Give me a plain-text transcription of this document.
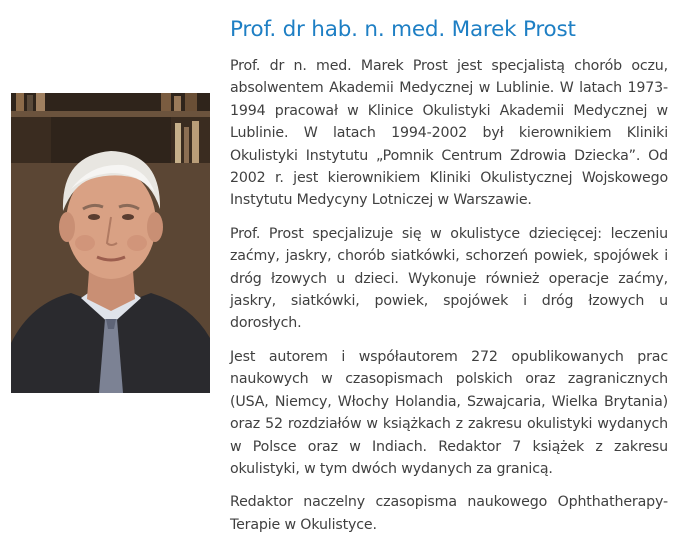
Prof. dr hab. n. med. Marek Prost

Prof. dr n. med. Marek Prost jest specjalistą chorób oczu, absolwentem Akademii Medycznej w Lublinie. W latach 1973-1994 pracował w Klinice Okulistyki Akademii Medycznej w Lublinie. W latach 1994-2002 był kierownikiem Kliniki Okulistyki Instytutu „Pomnik Centrum Zdrowia Dziecka”. Od 2002 r. jest kierownikiem Kliniki Okulistycznej Wojskowego Instytutu Medycyny Lotniczej w Warszawie.

Prof. Prost specjalizuje się w okulistyce dziecięcej: leczeniu zaćmy, jaskry, chorób siatkówki, schorzeń powiek, spojówek i dróg łzowych u dzieci. Wykonuje również operacje zaćmy, jaskry, siatkówki, powiek, spojówek i dróg łzowych u dorosłych.

Jest autorem i współautorem 272 opublikowanych prac naukowych w czasopismach polskich oraz zagranicznych (USA, Niemcy, Włochy Holandia, Szwajcaria, Wielka Brytania) oraz 52 rozdziałów w książkach z zakresu okulistyki wydanych w Polsce oraz w Indiach. Redaktor 7 książek z zakresu okulistyki, w tym dwóch wydanych za granicą.

Redaktor naczelny czasopisma naukowego Ophthatherapy-Terapie w Okulistyce.
